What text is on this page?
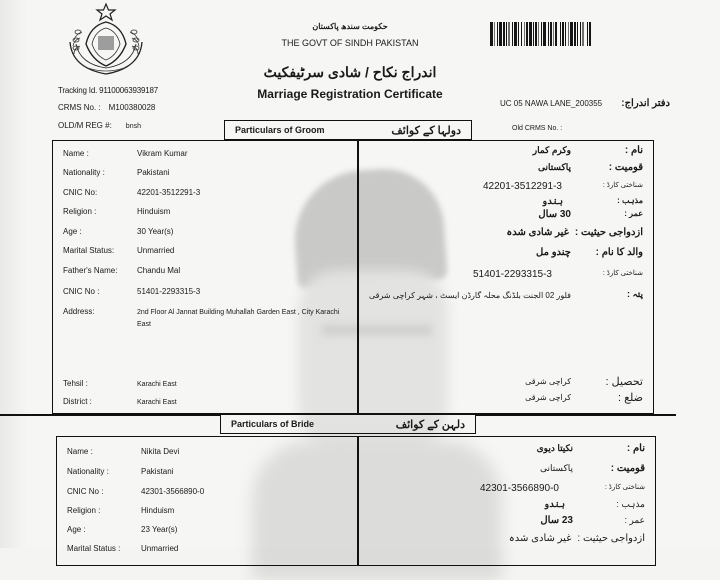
Tracking Id. 91100063939187
CRMS No. : M100380028
OLD/M REG #: bnsh
حکومت سندھ پاکستان
THE GOVT OF SINDH PAKISTAN
اندراج نکاح / شادی سرٹیفکیٹ
Marriage Registration Certificate
UC 05 NAWA LANE_200355 دفتر اندراج:
Old CRMS No. :
Particulars of Groom	دولہا کے کوائف
Name :	Vikram Kumar
Nationality :	Pakistani
CNIC No:	42201-3512291-3
Religion :	Hinduism
Age :	30 Year(s)
Marital Status:	Unmarried
Father's Name:	Chandu Mal
CNIC No :	51401-2293315-3
Address:	2nd Floor Al Jannat Building Muhallah Garden East , City Karachi East
Tehsil :	Karachi East
District :	Karachi East
نام :
وکرم کمار
قومیت :
پاکستانی
شناختی کارڈ :
42201-3512291-3
مذہب :
ہندو
عمر :
30 سال
ازدواجی حیثیت :
غیر شادی شدہ
والد کا نام :
چندو مل
شناختی کارڈ :
51401-2293315-3
پتہ :
فلور 02 الجنت بلڈنگ محلہ گارڈن ایسٹ ، شہر کراچی شرقی
تحصیل :
کراچی شرقی
ضلع :
کراچی شرقی
Particulars of Bride	دلہن کے کوائف
Name :	Nikita Devi
Nationality :	Pakistani
CNIC No :	42301-3566890-0
Religion :	Hinduism
Age :	23 Year(s)
Marital Status :	Unmarried
نام :
نکیتا دیوی
قومیت :
پاکستانی
شناختی کارڈ :
42301-3566890-0
مذہب :
ہندو
عمر :
23 سال
ازدواجی حیثیت :
غیر شادی شدہ
